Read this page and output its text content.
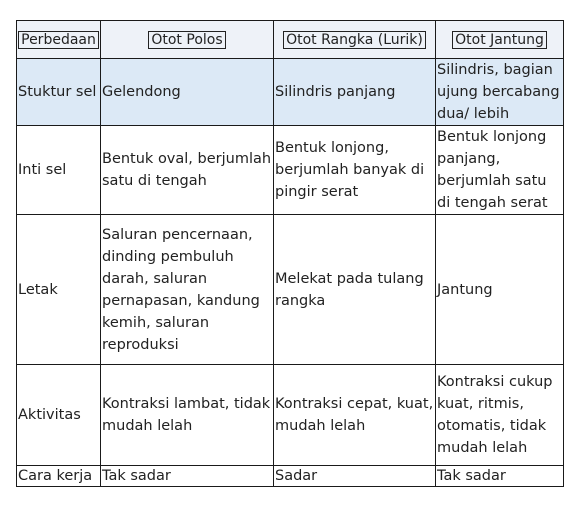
Perbedaan	Otot Polos	Otot Rangka (Lurik)	Otot Jantung
Stuktur sel	Gelendong	Silindris panjang	Silindris, bagian ujung bercabang dua/ lebih
Inti sel	Bentuk oval, berjumlah satu di tengah	Bentuk lonjong, berjumlah banyak di pingir serat	Bentuk lonjong panjang, berjumlah satu di tengah serat
Letak	Saluran pencernaan, dinding pembuluh darah, saluran pernapasan, kandung kemih, saluran reproduksi	Melekat pada tulang rangka	Jantung
Aktivitas	Kontraksi lambat, tidak mudah lelah	Kontraksi cepat, kuat, mudah lelah	Kontraksi cukup kuat, ritmis, otomatis, tidak mudah lelah
Cara kerja	Tak sadar	Sadar	Tak sadar
